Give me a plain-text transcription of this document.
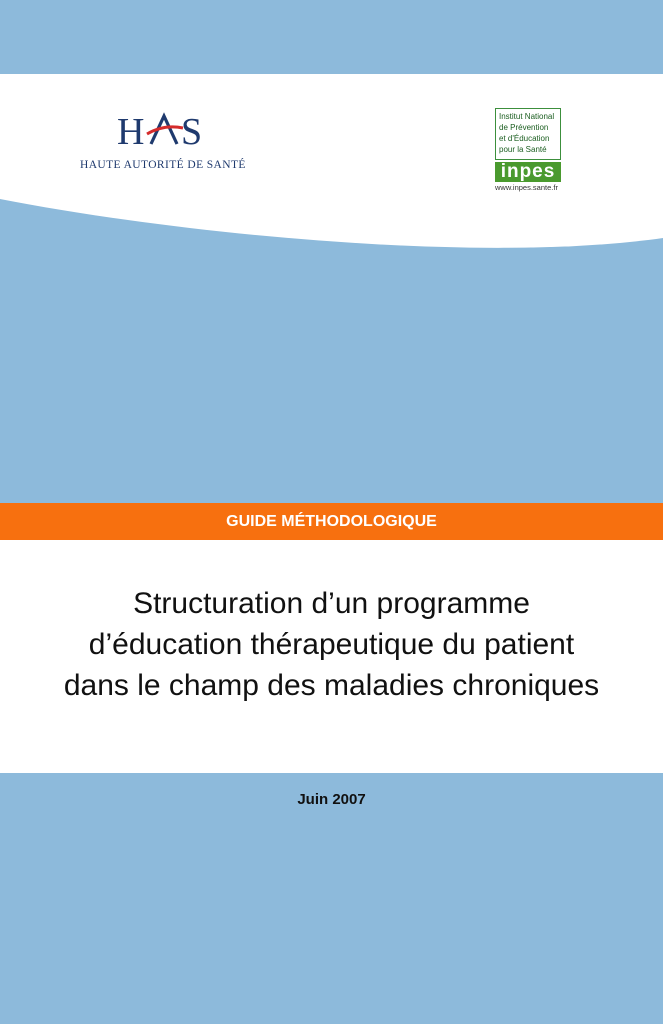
H S
HAUTE AUTORITÉ DE SANTÉ
Institut National
de Prévention
et d'Éducation
pour la Santé
inpes
www.inpes.sante.fr
GUIDE MÉTHODOLOGIQUE
Structuration d’un programme
d’éducation thérapeutique du patient
dans le champ des maladies chroniques
Juin 2007
